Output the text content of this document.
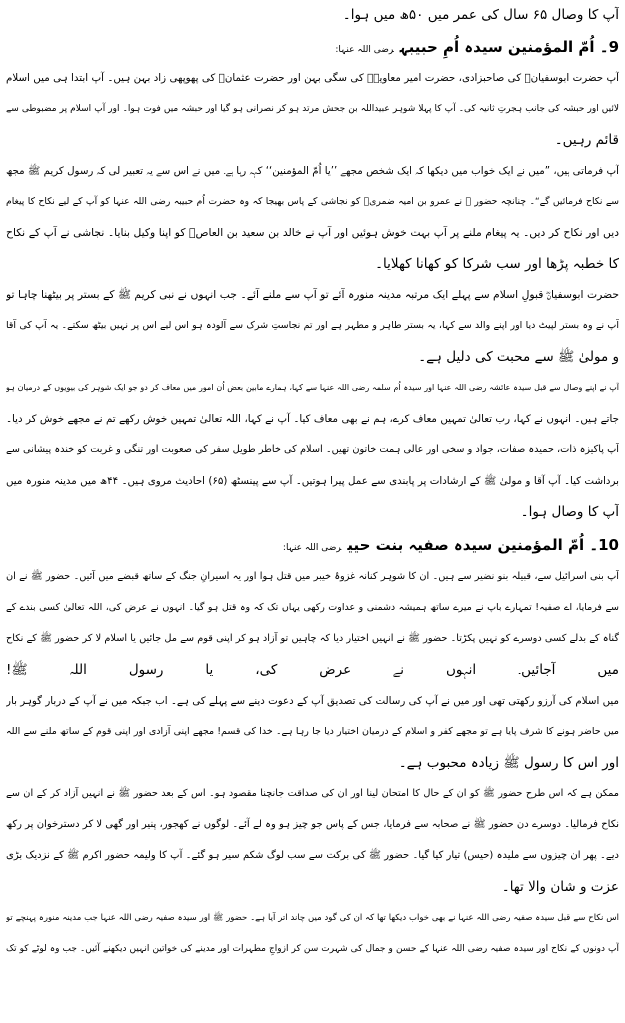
آپ کا وصال ۶۵ سال کی عمر میں ۵۰ھ میں ہوا۔
9۔ اُمّ المؤمنین سیدہ اُمِ حبیبہرضی اللہ عنہا:
آپ حضرت ابوسفیانؓ کی صاحبزادی، حضرت امیر معاویہؓ کی سگی بہن اور حضرت عثمانؓ کی پھوپھی زاد بہن ہیں۔ آپ ابتدا ہی میں اسلام
لائیں اور حبشہ کی جانب ہجرتِ ثانیہ کی۔ آپ کا پہلا شوہر عبیداللہ بن جحش مرتد ہو کر نصرانی ہو گیا اور حبشہ میں فوت ہوا۔ اور آپ اسلام پر مضبوطی سے
قائم رہیں۔
آپ فرماتی ہیں، ”میں نے ایک خواب میں دیکھا کہ ایک شخص مجھے ’’یا اُمّ المؤمنین‘‘ کہہ رہا ہے۔ میں نے اس سے یہ تعبیر لی کہ رسول کریم ﷺ مجھ
سے نکاح فرمائیں گے“۔ چنانچہ حضور ﷺ نے عمرو بن امیہ ضمریؓ کو نجاشی کے پاس بھیجا کہ وہ حضرت اُم حبیبہ رضی اللہ عنہا کو آپ کے لیے نکاح کا پیغام
دیں اور نکاح کر دیں۔ یہ پیغام ملنے پر آپ بہت خوش ہوئیں اور آپ نے خالد بن سعید بن العاصؓ کو اپنا وکیل بنایا۔ نجاشی نے آپ کے نکاح
کا خطبہ پڑھا اور سب شرکا کو کھانا کھلایا۔
حضرت ابوسفیانؓ قبولِ اسلام سے پہلے ایک مرتبہ مدینہ منورہ آئے تو آپ سے ملنے آئے۔ جب انہوں نے نبی کریم ﷺ کے بستر پر بیٹھنا چاہا تو
آپ نے وہ بستر لپیٹ دیا اور اپنے والد سے کہا، یہ بستر طاہر و مطہر ہے اور تم نجاستِ شرک سے آلودہ ہو اس لیے اس پر نہیں بیٹھ سکتے۔ یہ آپ کی آقا
و مولیٰ ﷺ سے محبت کی دلیل ہے۔
آپ نے اپنے وصال سے قبل سیدہ عائشہ رضی اللہ عنہا اور سیدہ اُم سلمہ رضی اللہ عنہا سے کہا، ہمارے مابین بعض اُن امور میں معاف کر دو جو ایک شوہر کی بیویوں کے درمیان ہو
جاتے ہیں۔ انہوں نے کہا، رب تعالیٰ تمہیں معاف کرے، ہم نے بھی معاف کیا۔ آپ نے کہا، اللہ تعالیٰ تمہیں خوش رکھے تم نے مجھے خوش کر دیا۔
آپ پاکیزہ ذات، حمیدہ صفات، جواد و سخی اور عالی ہمت خاتون تھیں۔ اسلام کی خاطر طویل سفر کی صعوبت اور تنگی و غربت کو خندہ پیشانی سے
برداشت کیا۔ آپ آقا و مولیٰ ﷺ کے ارشادات پر پابندی سے عمل پیرا ہوتیں۔ آپ سے پینسٹھ (۶۵) احادیث مروی ہیں۔ ۴۴ھ میں مدینہ منورہ میں
آپ کا وصال ہوا۔
10۔ اُمّ المؤمنین سیدہ صفیہ بنت حییرضی اللہ عنہا:
آپ بنی اسرائیل سے، قبیلہ بنو نضیر سے ہیں۔ ان کا شوہر کنانہ غزوۂ خیبر میں قتل ہوا اور یہ اسیرانِ جنگ کے ساتھ قبضے میں آئیں۔ حضور ﷺ نے ان
سے فرمایا، اے صفیہ! تمہارے باپ نے میرے ساتھ ہمیشہ دشمنی و عداوت رکھی یہاں تک کہ وہ قتل ہو گیا۔ انہوں نے عرض کی، اللہ تعالیٰ کسی بندے کے
گناہ کے بدلے کسی دوسرے کو نہیں پکڑتا۔ حضور ﷺ نے انہیں اختیار دیا کہ چاہیں تو آزاد ہو کر اپنی قوم سے مل جائیں یا اسلام لا کر حضور ﷺ کے نکاح
میں آجائیں۔ انہوں نے عرض کی، یا رسول اللہ ﷺ!
میں اسلام کی آرزو رکھتی تھی اور میں نے آپ کی رسالت کی تصدیق آپ کے دعوت دینے سے پہلے کی ہے۔ اب جبکہ میں نے آپ کے دربار گوہر بار
میں حاضر ہونے کا شرف پایا ہے تو مجھے کفر و اسلام کے درمیان اختیار دیا جا رہا ہے۔ خدا کی قسم! مجھے اپنی آزادی اور اپنی قوم کے ساتھ ملنے سے اللہ
اور اس کا رسول ﷺ زیادہ محبوب ہے۔
ممکن ہے کہ اس طرح حضور ﷺ کو ان کے حال کا امتحان لینا اور ان کی صداقت جانچنا مقصود ہو۔ اس کے بعد حضور ﷺ نے انہیں آزاد کر کے ان سے
نکاح فرمالیا۔ دوسرے دن حضور ﷺ نے صحابہ سے فرمایا، جس کے پاس جو چیز ہو وہ لے آئے۔ لوگوں نے کھجور، پنیر اور گھی لا کر دسترخوان پر رکھ
دیے۔ پھر ان چیزوں سے ملیدہ (حیس) تیار کیا گیا۔ حضور ﷺ کی برکت سے سب لوگ شکم سیر ہو گئے۔ آپ کا ولیمہ حضور اکرم ﷺ کے نزدیک بڑی
عزت و شان والا تھا۔
اس نکاح سے قبل سیدہ صفیہ رضی اللہ عنہا نے بھی خواب دیکھا تھا کہ ان کی گود میں چاند اتر آیا ہے۔ حضور ﷺ اور سیدہ صفیہ رضی اللہ عنہا جب مدینہ منورہ پہنچے تو
آپ دونوں کے نکاح اور سیدہ صفیہ رضی اللہ عنہا کے حسن و جمال کی شہرت سن کر ازواجِ مطہرات اور مدینے کی خواتین انہیں دیکھنے آئیں۔ جب وہ لوٹے کو تک
